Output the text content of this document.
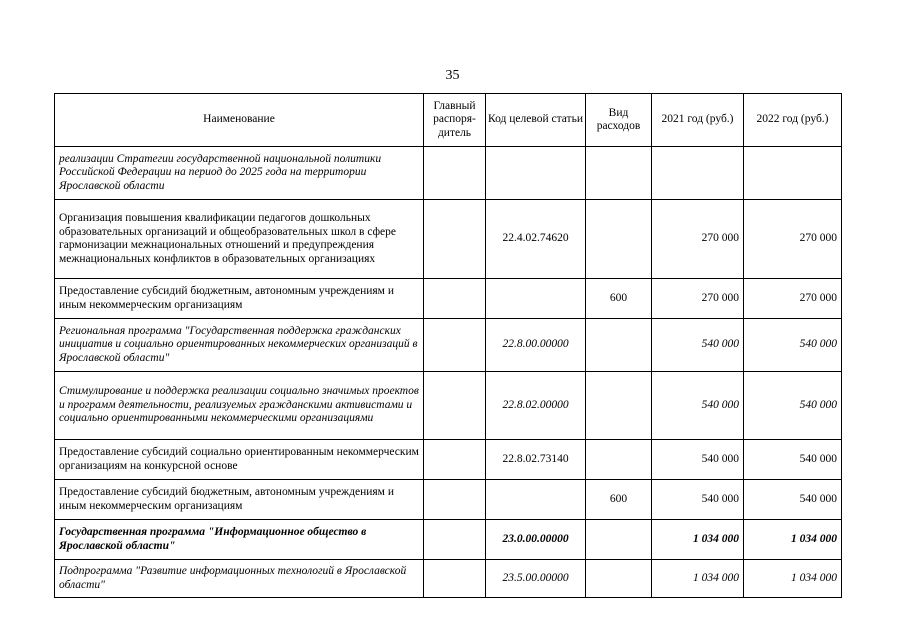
35
Наименование	Главный распоря-дитель	Код целевой статьи	Вид расходов	2021 год (руб.)	2022 год (руб.)
реализации Стратегии государственной национальной политики Российской Федерации на период до 2025 года на территории Ярославской области					
Организация повышения квалификации педагогов дошкольных образовательных организаций и общеобразовательных школ в сфере гармонизации межнациональных отношений и предупреждения межнациональных конфликтов в образовательных организациях		22.4.02.74620		270 000	270 000
Предоставление субсидий бюджетным, автономным учреждениям и иным некоммерческим организациям			600	270 000	270 000
Региональная программа "Государственная поддержка гражданских инициатив и социально ориентированных некоммерческих организаций в Ярославской области"		22.8.00.00000		540 000	540 000
Стимулирование и поддержка реализации социально значимых проектов и программ деятельности, реализуемых гражданскими активистами и социально ориентированными некоммерческими организациями		22.8.02.00000		540 000	540 000
Предоставление субсидий социально ориентированным некоммерческим организациям на конкурсной основе		22.8.02.73140		540 000	540 000
Предоставление субсидий бюджетным, автономным учреждениям и иным некоммерческим организациям			600	540 000	540 000
Государственная программа "Информационное общество в Ярославской области"		23.0.00.00000		1 034 000	1 034 000
Подпрограмма "Развитие информационных технологий в Ярославской области"		23.5.00.00000		1 034 000	1 034 000
